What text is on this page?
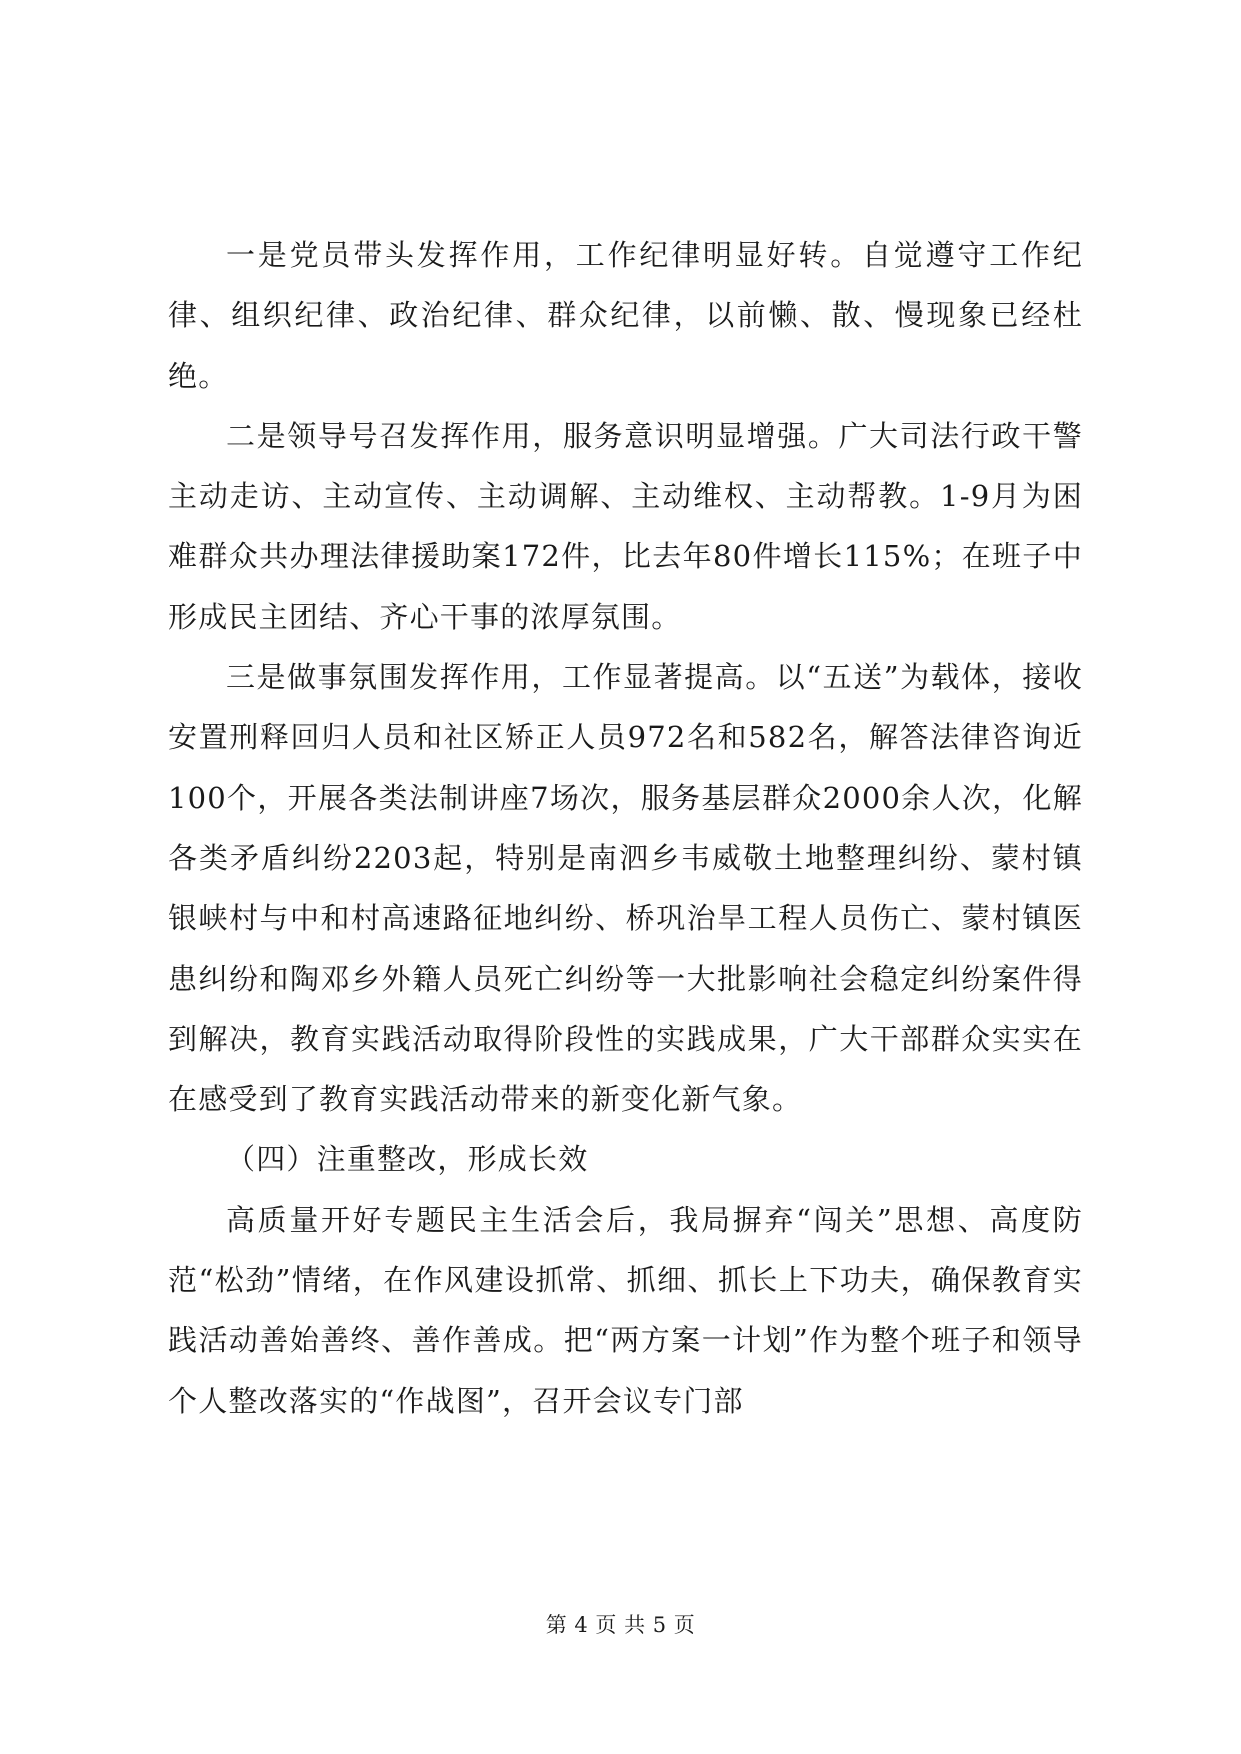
一是党员带头发挥作用，工作纪律明显好转。自觉遵守工作纪律、组织纪律、政治纪律、群众纪律，以前懒、散、慢现象已经杜绝。

二是领导号召发挥作用，服务意识明显增强。广大司法行政干警主动走访、主动宣传、主动调解、主动维权、主动帮教。1-9月为困难群众共办理法律援助案172件，比去年80件增长115%；在班子中形成民主团结、齐心干事的浓厚氛围。

三是做事氛围发挥作用，工作显著提高。以“五送”为载体，接收安置刑释回归人员和社区矫正人员972名和582名，解答法律咨询近100个，开展各类法制讲座7场次，服务基层群众2000余人次，化解各类矛盾纠纷2203起，特别是南泗乡韦威敬土地整理纠纷、蒙村镇银峡村与中和村高速路征地纠纷、桥巩治旱工程人员伤亡、蒙村镇医患纠纷和陶邓乡外籍人员死亡纠纷等一大批影响社会稳定纠纷案件得到解决，教育实践活动取得阶段性的实践成果，广大干部群众实实在在感受到了教育实践活动带来的新变化新气象。

（四）注重整改，形成长效

高质量开好专题民主生活会后，我局摒弃“闯关”思想、高度防范“松劲”情绪，在作风建设抓常、抓细、抓长上下功夫，确保教育实践活动善始善终、善作善成。把“两方案一计划”作为整个班子和领导个人整改落实的“作战图”，召开会议专门部

第 4 页 共 5 页
